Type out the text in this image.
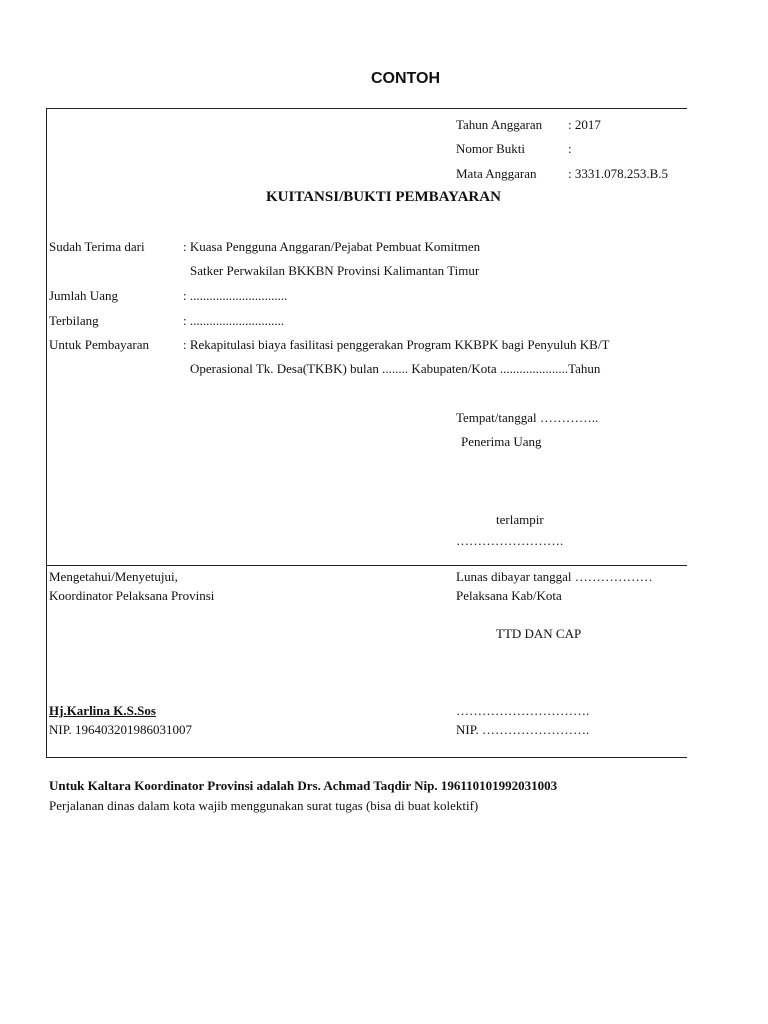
CONTOH
Tahun Anggaran : 2017
Nomor Bukti	:
Mata Anggaran : 3331.078.253.B.5
KUITANSI/BUKTI PEMBAYARAN
Sudah Terima dari	: Kuasa Pengguna Anggaran/Pejabat Pembuat Komitmen
Satker Perwakilan BKKBN Provinsi Kalimantan Timur
Jumlah Uang	: ..............................
Terbilang	: .............................
Untuk Pembayaran	: Rekapitulasi biaya fasilitasi penggerakan Program KKBPK bagi Penyuluh KB/T
Operasional Tk. Desa(TKBK) bulan ........ Kabupaten/Kota .....................Tahun
Tempat/tanggal …………..
Penerima Uang
terlampir
…………………….
Mengetahui/Menyetujui,
Koordinator Pelaksana Provinsi
Hj.Karlina K.S.Sos
NIP. 196403201986031007
Lunas dibayar tanggal ………………
Pelaksana Kab/Kota
TTD DAN CAP
………………………….
NIP. …………………….
Untuk Kaltara Koordinator Provinsi adalah Drs. Achmad Taqdir Nip. 196110101992031003
Perjalanan dinas dalam kota wajib menggunakan surat tugas (bisa di buat kolektif)
